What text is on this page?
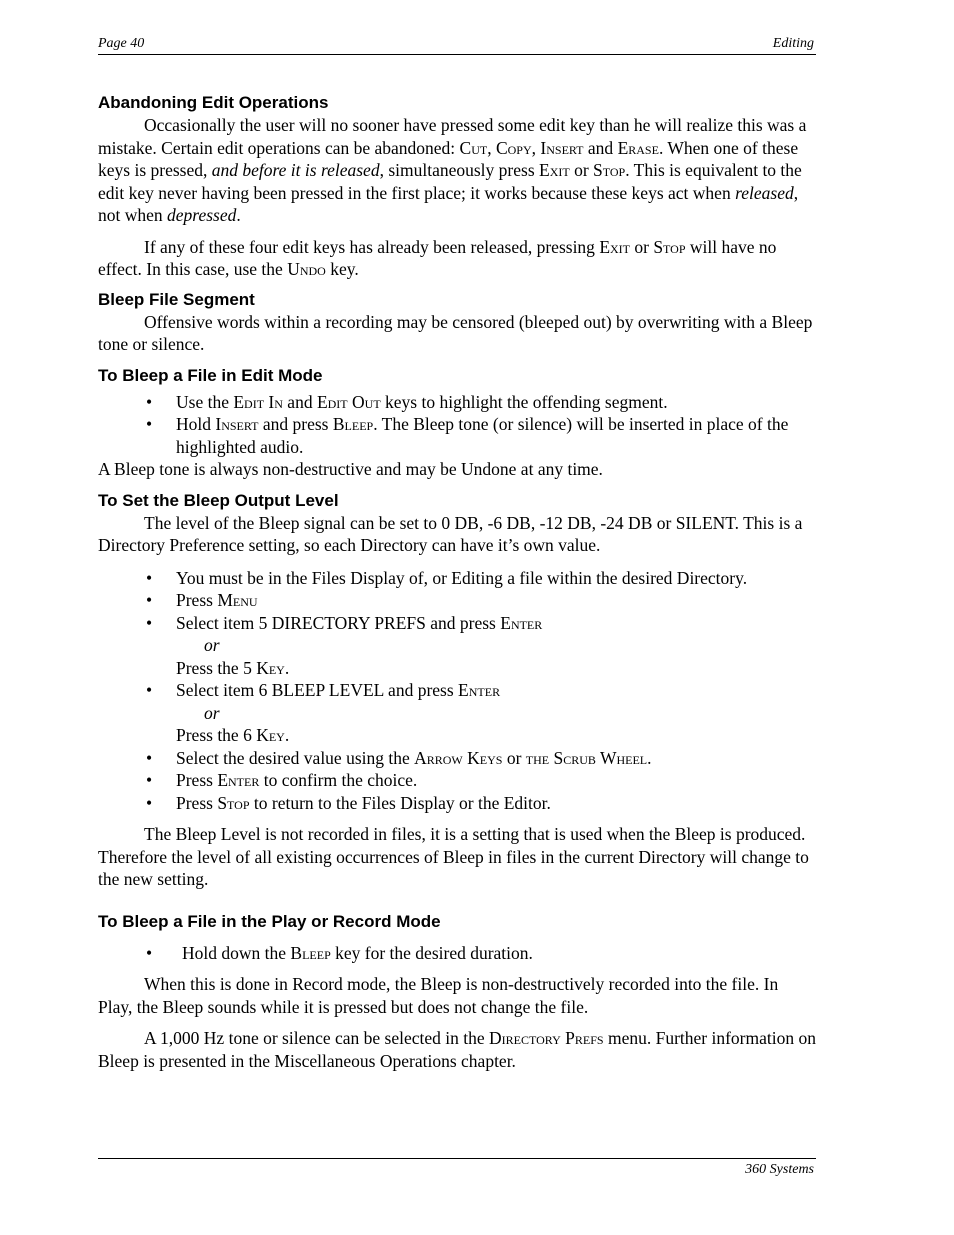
Page 40	Editing
Abandoning Edit Operations

Occasionally the user will no sooner have pressed some edit key than he will realize this was a mistake. Certain edit operations can be abandoned: Cut, Copy, Insert and Erase. When one of these keys is pressed, and before it is released, simultaneously press Exit or Stop. This is equivalent to the edit key never having been pressed in the first place; it works because these keys act when released, not when depressed.

If any of these four edit keys has already been released, pressing Exit or Stop will have no effect. In this case, use the Undo key.

Bleep File Segment

Offensive words within a recording may be censored (bleeped out) by overwriting with a Bleep tone or silence.

To Bleep a File in Edit Mode
• Use the Edit In and Edit Out keys to highlight the offending segment.
• Hold Insert and press Bleep. The Bleep tone (or silence) will be inserted in place of the highlighted audio.

A Bleep tone is always non-destructive and may be Undone at any time.

To Set the Bleep Output Level

The level of the Bleep signal can be set to 0 DB, -6 DB, -12 DB, -24 DB or SILENT. This is a Directory Preference setting, so each Directory can have it’s own value.

• You must be in the Files Display of, or Editing a file within the desired Directory.
• Press Menu
• Select item 5 DIRECTORY PREFS and press Enter
or
Press the 5 Key.
• Select item 6 BLEEP LEVEL and press Enter
or
Press the 6 Key.
• Select the desired value using the Arrow Keys or the Scrub Wheel.
• Press Enter to confirm the choice.
• Press Stop to return to the Files Display or the Editor.

The Bleep Level is not recorded in files, it is a setting that is used when the Bleep is produced. Therefore the level of all existing occurrences of Bleep in files in the current Directory will change to the new setting.

To Bleep a File in the Play or Record Mode
• Hold down the Bleep key for the desired duration.

When this is done in Record mode, the Bleep is non-destructively recorded into the file. In Play, the Bleep sounds while it is pressed but does not change the file.

A 1,000 Hz tone or silence can be selected in the Directory Prefs menu. Further information on Bleep is presented in the Miscellaneous Operations chapter.

360 Systems
